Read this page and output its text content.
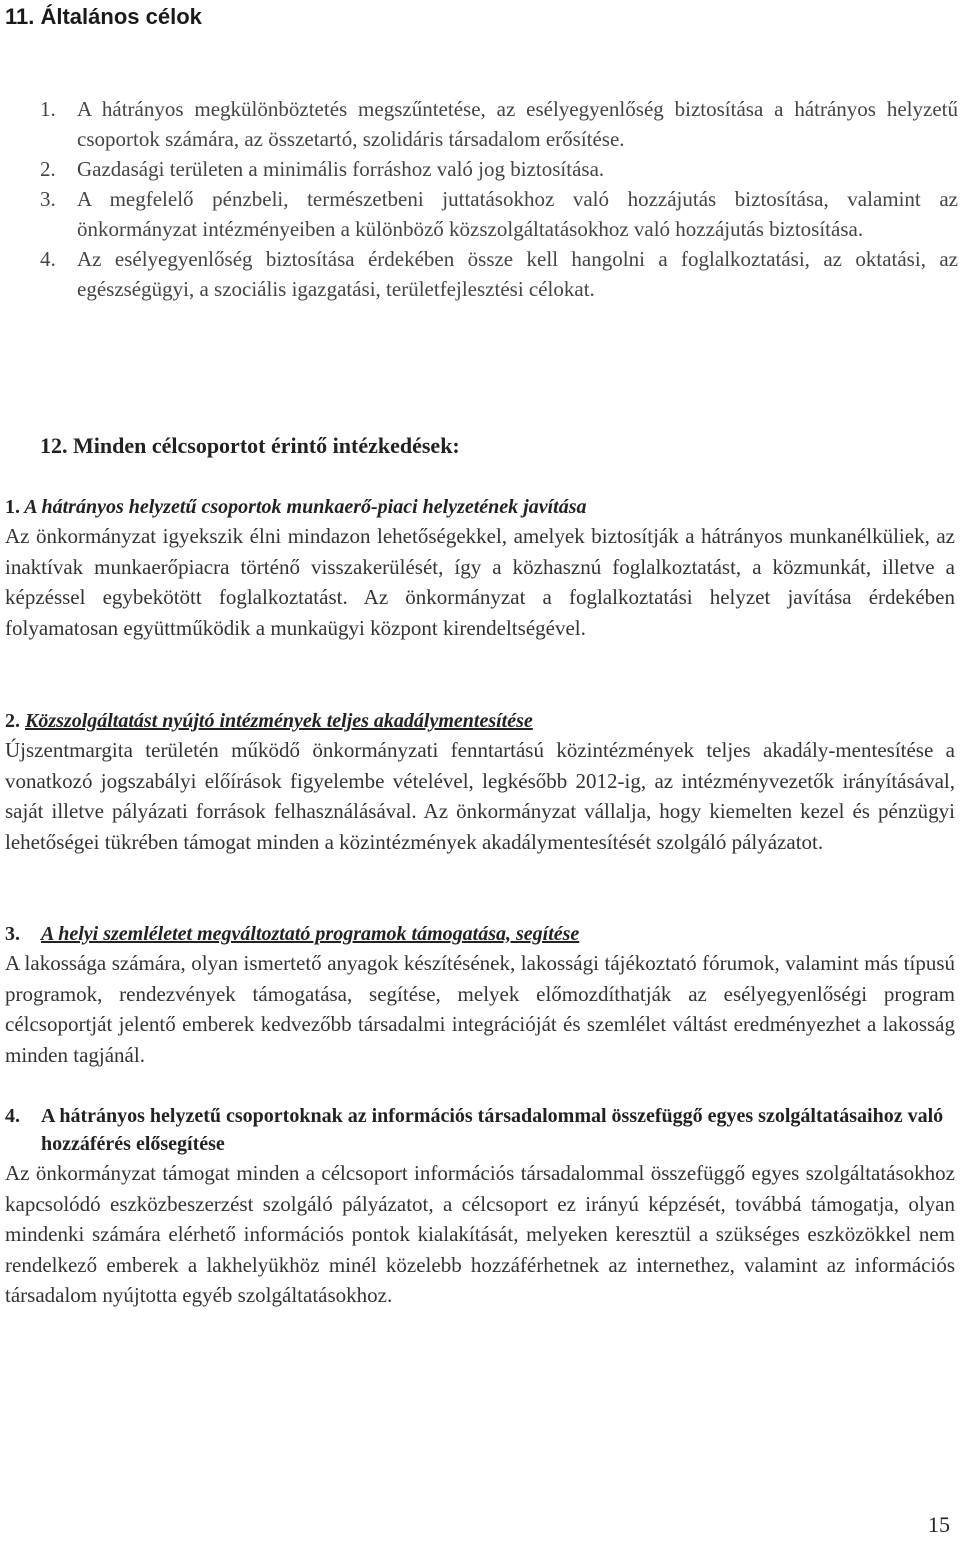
11. Általános célok
1.	A hátrányos megkülönböztetés megszűntetése, az esélyegyenlőség biztosítása a hátrányos helyzetű csoportok számára, az összetartó, szolidáris társadalom erősítése.
2.	Gazdasági területen a minimális forráshoz való jog biztosítása.
3.	A megfelelő pénzbeli, természetbeni juttatásokhoz való hozzájutás biztosítása, valamint az önkormányzat intézményeiben a különböző közszolgáltatásokhoz való hozzájutás biztosítása.
4.	Az esélyegyenlőség biztosítása érdekében össze kell hangolni a foglalkoztatási, az oktatási, az egészségügyi, a szociális igazgatási, területfejlesztési célokat.
12. Minden célcsoportot érintő intézkedések:

1. A hátrányos helyzetű csoportok munkaerő-piaci helyzetének javítása

Az önkormányzat igyekszik élni mindazon lehetőségekkel, amelyek biztosítják a hátrányos munkanélküliek, az inaktívak munkaerőpiacra történő visszakerülését, így a közhasznú foglalkoztatást, a közmunkát, illetve a képzéssel egybekötött foglalkoztatást. Az önkormányzat a foglalkoztatási helyzet javítása érdekében folyamatosan együttműködik a munkaügyi központ kirendeltségével.

2. Közszolgáltatást nyújtó intézmények teljes akadálymentesítése

Újszentmargita területén működő önkormányzati fenntartású közintézmények teljes akadály-mentesítése a vonatkozó jogszabályi előírások figyelembe vételével, legkésőbb 2012-ig, az intézményvezetők irányításával, saját illetve pályázati források felhasználásával. Az önkormányzat vállalja, hogy kiemelten kezel és pénzügyi lehetőségei tükrében támogat minden a közintézmények akadálymentesítését szolgáló pályázatot.

3.	A helyi szemléletet megváltoztató programok támogatása, segítése

A lakossága számára, olyan ismertető anyagok készítésének, lakossági tájékoztató fórumok, valamint más típusú programok, rendezvények támogatása, segítése, melyek előmozdíthatják az esélyegyenlőségi program célcsoportját jelentő emberek kedvezőbb társadalmi integrációját és szemlélet váltást eredményezhet a lakosság minden tagjánál.

4.	A hátrányos helyzetű csoportoknak az információs társadalommal összefüggő egyes szolgáltatásaihoz való hozzáférés elősegítése

Az önkormányzat támogat minden a célcsoport információs társadalommal összefüggő egyes szolgáltatásokhoz kapcsolódó eszközbeszerzést szolgáló pályázatot, a célcsoport ez irányú képzését, továbbá támogatja, olyan mindenki számára elérhető információs pontok kialakítását, melyeken keresztül a szükséges eszközökkel nem rendelkező emberek a lakhelyükhöz minél közelebb hozzáférhetnek az internethez, valamint az információs társadalom nyújtotta egyéb szolgáltatásokhoz.

15
